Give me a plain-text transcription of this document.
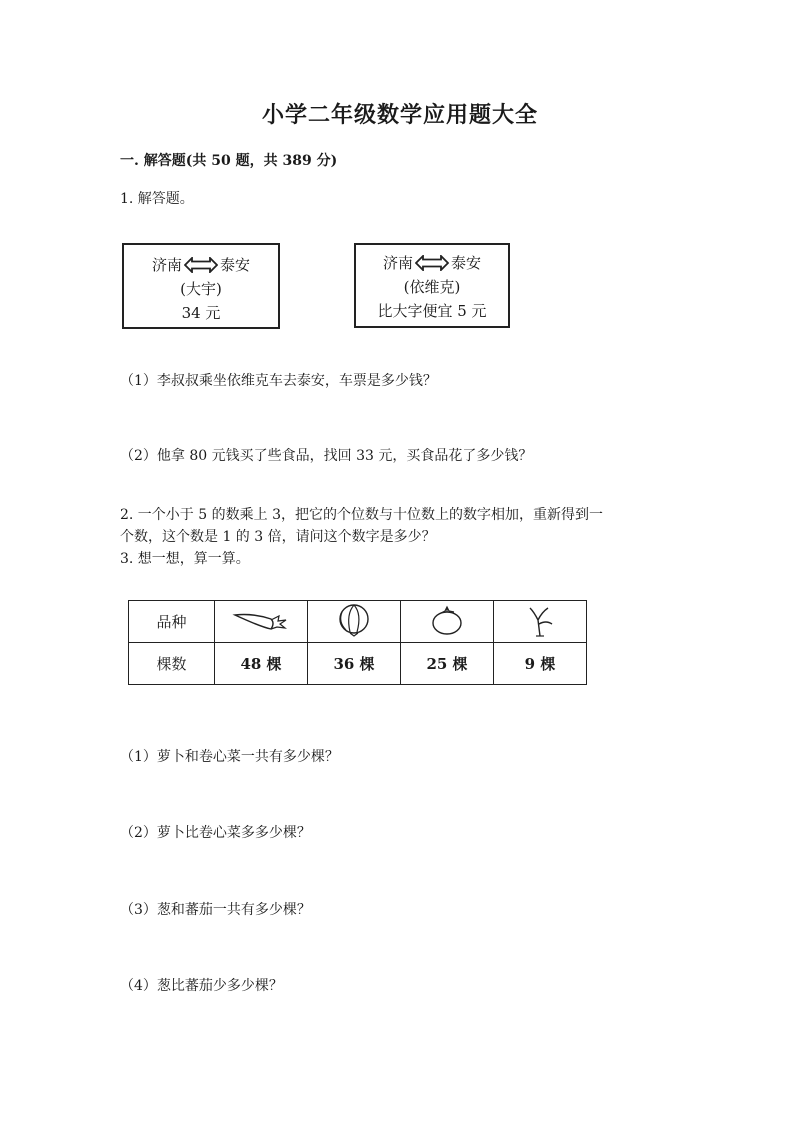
小学二年级数学应用题大全
一. 解答题(共 50 题，共 389 分)
1. 解答题。
济南	泰安
(大宇)
34 元
济南	泰安
(依维克)
比大字便宜 5 元
（1）李叔叔乘坐依维克车去泰安，车票是多少钱？
（2）他拿 80 元钱买了些食品，找回 33 元，买食品花了多少钱？
2. 一个小于 5 的数乘上 3，把它的个位数与十位数上的数字相加，重新得到一
个数，这个数是 1 的 3 倍，请问这个数字是多少？
3. 想一想，算一算。
品种				
棵数	48 棵	36 棵	25 棵	9 棵
（1）萝卜和卷心菜一共有多少棵？
（2）萝卜比卷心菜多多少棵？
（3）葱和蕃茄一共有多少棵？
（4）葱比蕃茄少多少棵？
